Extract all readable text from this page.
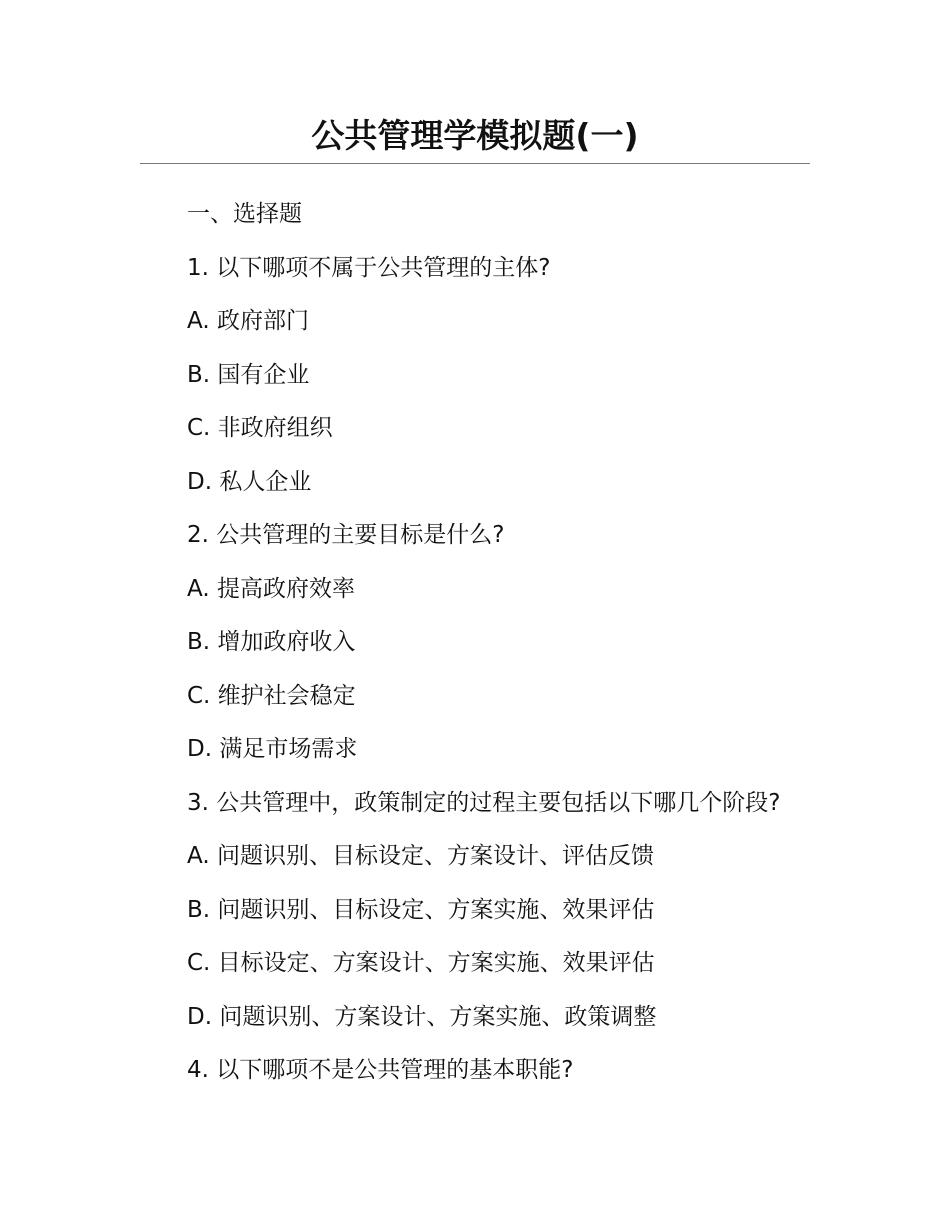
公共管理学模拟题(一)
一、选择题
1. 以下哪项不属于公共管理的主体?
A. 政府部门
B. 国有企业
C. 非政府组织
D. 私人企业
2. 公共管理的主要目标是什么?
A. 提高政府效率
B. 增加政府收入
C. 维护社会稳定
D. 满足市场需求
3. 公共管理中，政策制定的过程主要包括以下哪几个阶段?
A. 问题识别、目标设定、方案设计、评估反馈
B. 问题识别、目标设定、方案实施、效果评估
C. 目标设定、方案设计、方案实施、效果评估
D. 问题识别、方案设计、方案实施、政策调整
4. 以下哪项不是公共管理的基本职能?
